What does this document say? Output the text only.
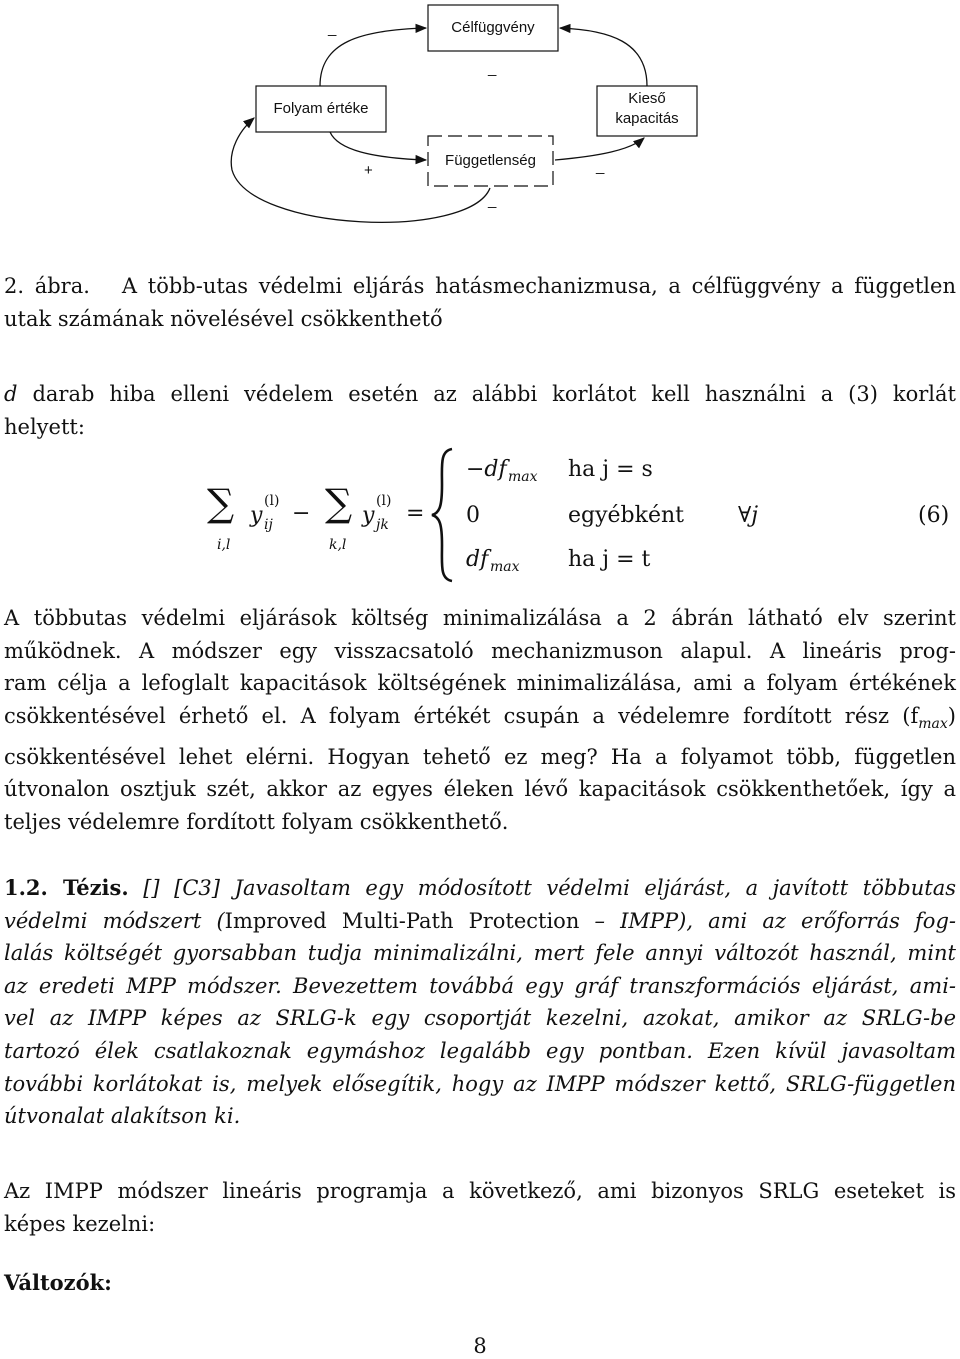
Célfüggvény
Folyam értéke
Kieső
kapacitás
Függetlenség
_
_
+	_
_
2. ábra. A több-utas védelmi eljárás hatásmechanizmusa, a célfüggvény a független
utak számának növelésével csökkenthető
d darab hiba elleni védelem esetén az alábbi korlátot kell használni a (3) korlát
helyett:
∑
i,l
y
(l)
ij − ∑
k,l
y
(l)
jk =
−df max ha j = s
0	egyébként
df max ha j = t
∀j	(6)
A többutas védelmi eljárások költség minimalizálása a 2 ábrán látható elv szerint
működnek. A módszer egy visszacsatoló mechanizmuson alapul. A lineáris prog-
ram célja a lefoglalt kapacitások költségének minimalizálása, ami a folyam értékének
csökkentésével érhető el. A folyam értékét csupán a védelemre fordított rész $(f_{max})$
csökkentésével lehet elérni. Hogyan tehető ez meg? Ha a folyamot több, független
útvonalon osztjuk szét, akkor az egyes éleken lévő kapacitások csökkenthetőek, így a
teljes védelemre fordított folyam csökkenthető.
1.2. Tézis. [] [C3] Javasoltam egy módosított védelmi eljárást, a javított többutas
védelmi módszert (Improved Multi-Path Protection – IMPP), ami az erőforrás fog-
lalás költségét gyorsabban tudja minimalizálni, mert fele annyi változót használ, mint
az eredeti MPP módszer. Bevezettem továbbá egy gráf transzformációs eljárást, ami-
vel az IMPP képes az SRLG-k egy csoportját kezelni, azokat, amikor az SRLG-be
tartozó élek csatlakoznak egymáshoz legalább egy pontban. Ezen kívül javasoltam
további korlátokat is, melyek elősegítik, hogy az IMPP módszer kettő, SRLG-független
útvonalat alakítson ki.
Az IMPP módszer lineáris programja a következő, ami bizonyos SRLG eseteket is
képes kezelni:
Változók:
8
